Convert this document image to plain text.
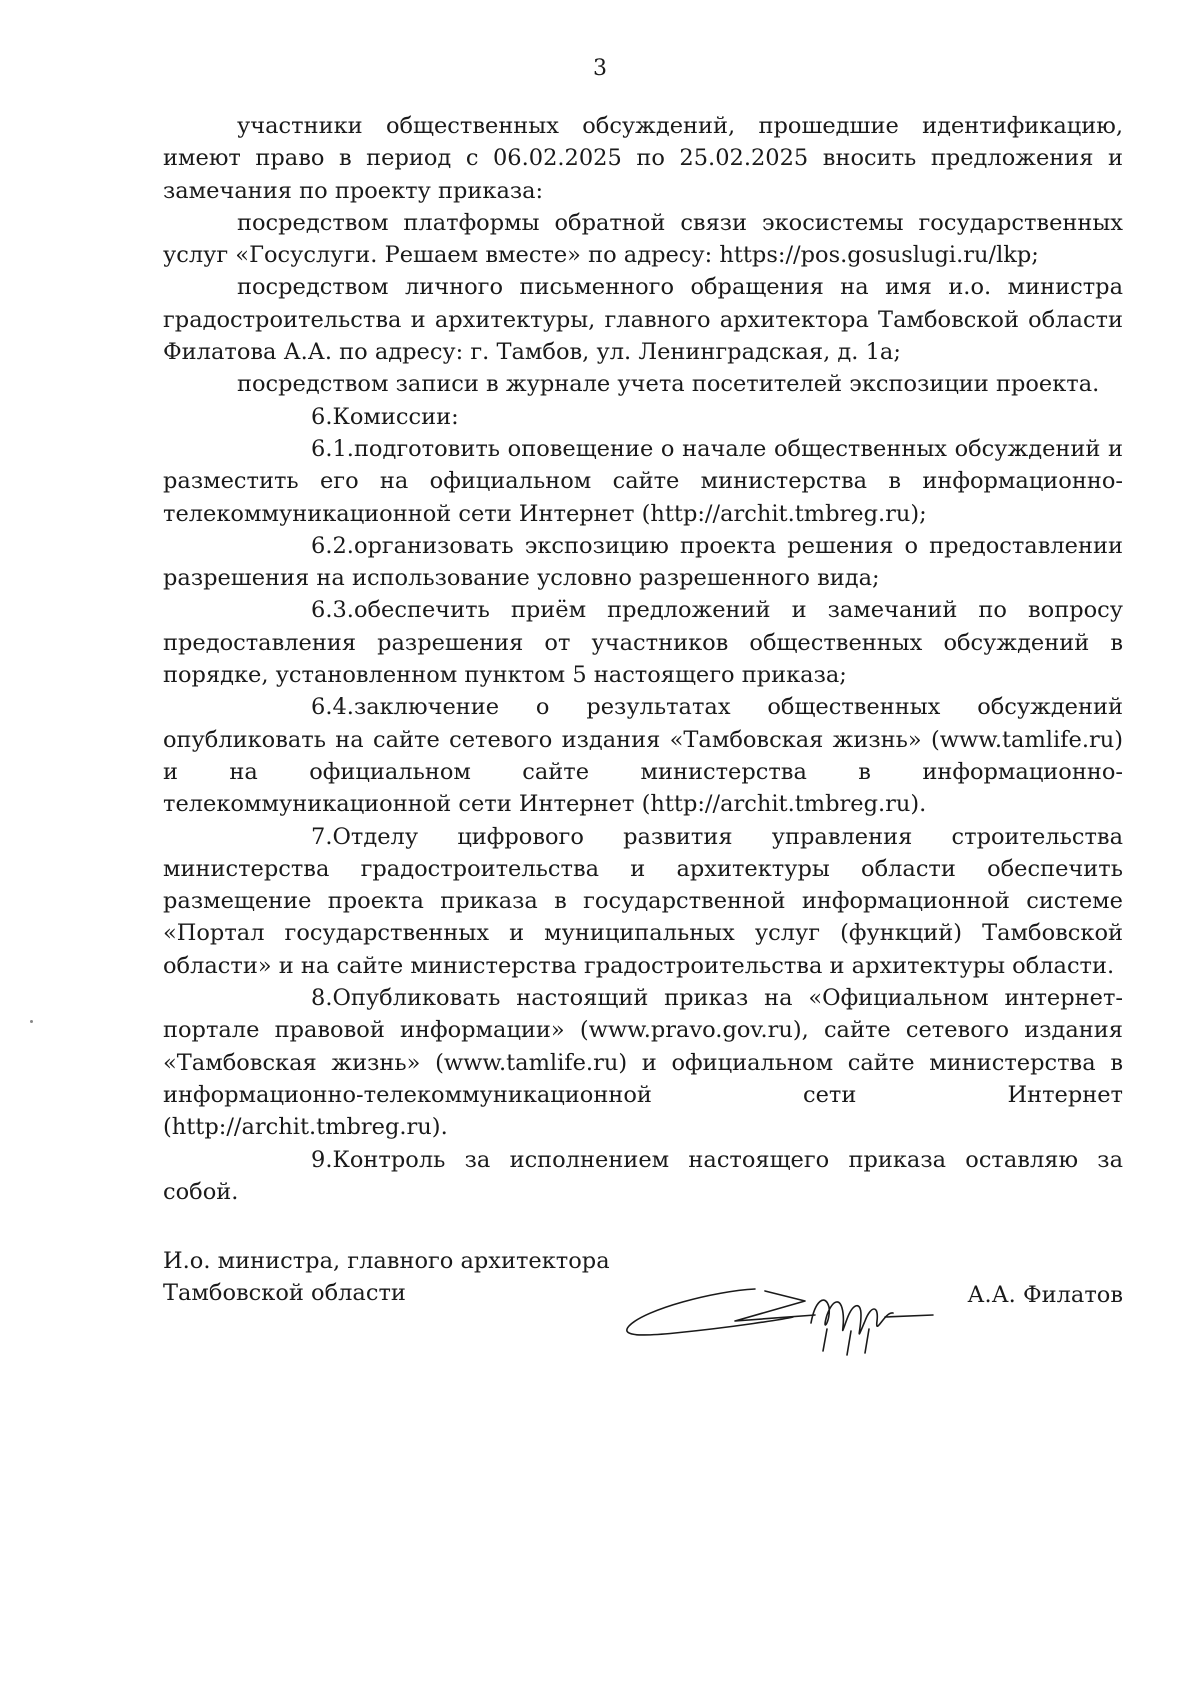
3

участники общественных обсуждений, прошедшие идентификацию, имеют право в период с 06.02.2025 по 25.02.2025 вносить предложения и замечания по проекту приказа:

посредством платформы обратной связи экосистемы государственных услуг «Госуслуги. Решаем вместе» по адресу: https://pos.gosuslugi.ru/lkp;

посредством личного письменного обращения на имя и.о. министра градостроительства и архитектуры, главного архитектора Тамбовской области Филатова А.А. по адресу: г. Тамбов, ул. Ленинградская, д. 1а;

посредством записи в журнале учета посетителей экспозиции проекта.

6.Комиссии:

6.1.подготовить оповещение о начале общественных обсуждений и разместить его на официальном сайте министерства в информационно-телекоммуникационной сети Интернет (http://archit.tmbreg.ru);

6.2.организовать экспозицию проекта решения о предоставлении разрешения на использование условно разрешенного вида;

6.3.обеспечить приём предложений и замечаний по вопросу предоставления разрешения от участников общественных обсуждений в порядке, установленном пунктом 5 настоящего приказа;

6.4.заключение о результатах общественных обсуждений опубликовать на сайте сетевого издания «Тамбовская жизнь» (www.tamlife.ru) и на официальном сайте министерства в информационно-телекоммуникационной сети Интернет (http://archit.tmbreg.ru).

7.Отделу цифрового развития управления строительства министерства градостроительства и архитектуры области обеспечить размещение проекта приказа в государственной информационной системе «Портал государственных и муниципальных услуг (функций) Тамбовской области» и на сайте министерства градостроительства и архитектуры области.

8.Опубликовать настоящий приказ на «Официальном интернет-портале правовой информации» (www.pravo.gov.ru), сайте сетевого издания «Тамбовская жизнь» (www.tamlife.ru) и официальном сайте министерства в информационно-телекоммуникационной сети Интернет (http://archit.tmbreg.ru).

9.Контроль за исполнением настоящего приказа оставляю за собой.

И.о. министра, главного архитектора
Тамбовской области	А.А. Филатов
